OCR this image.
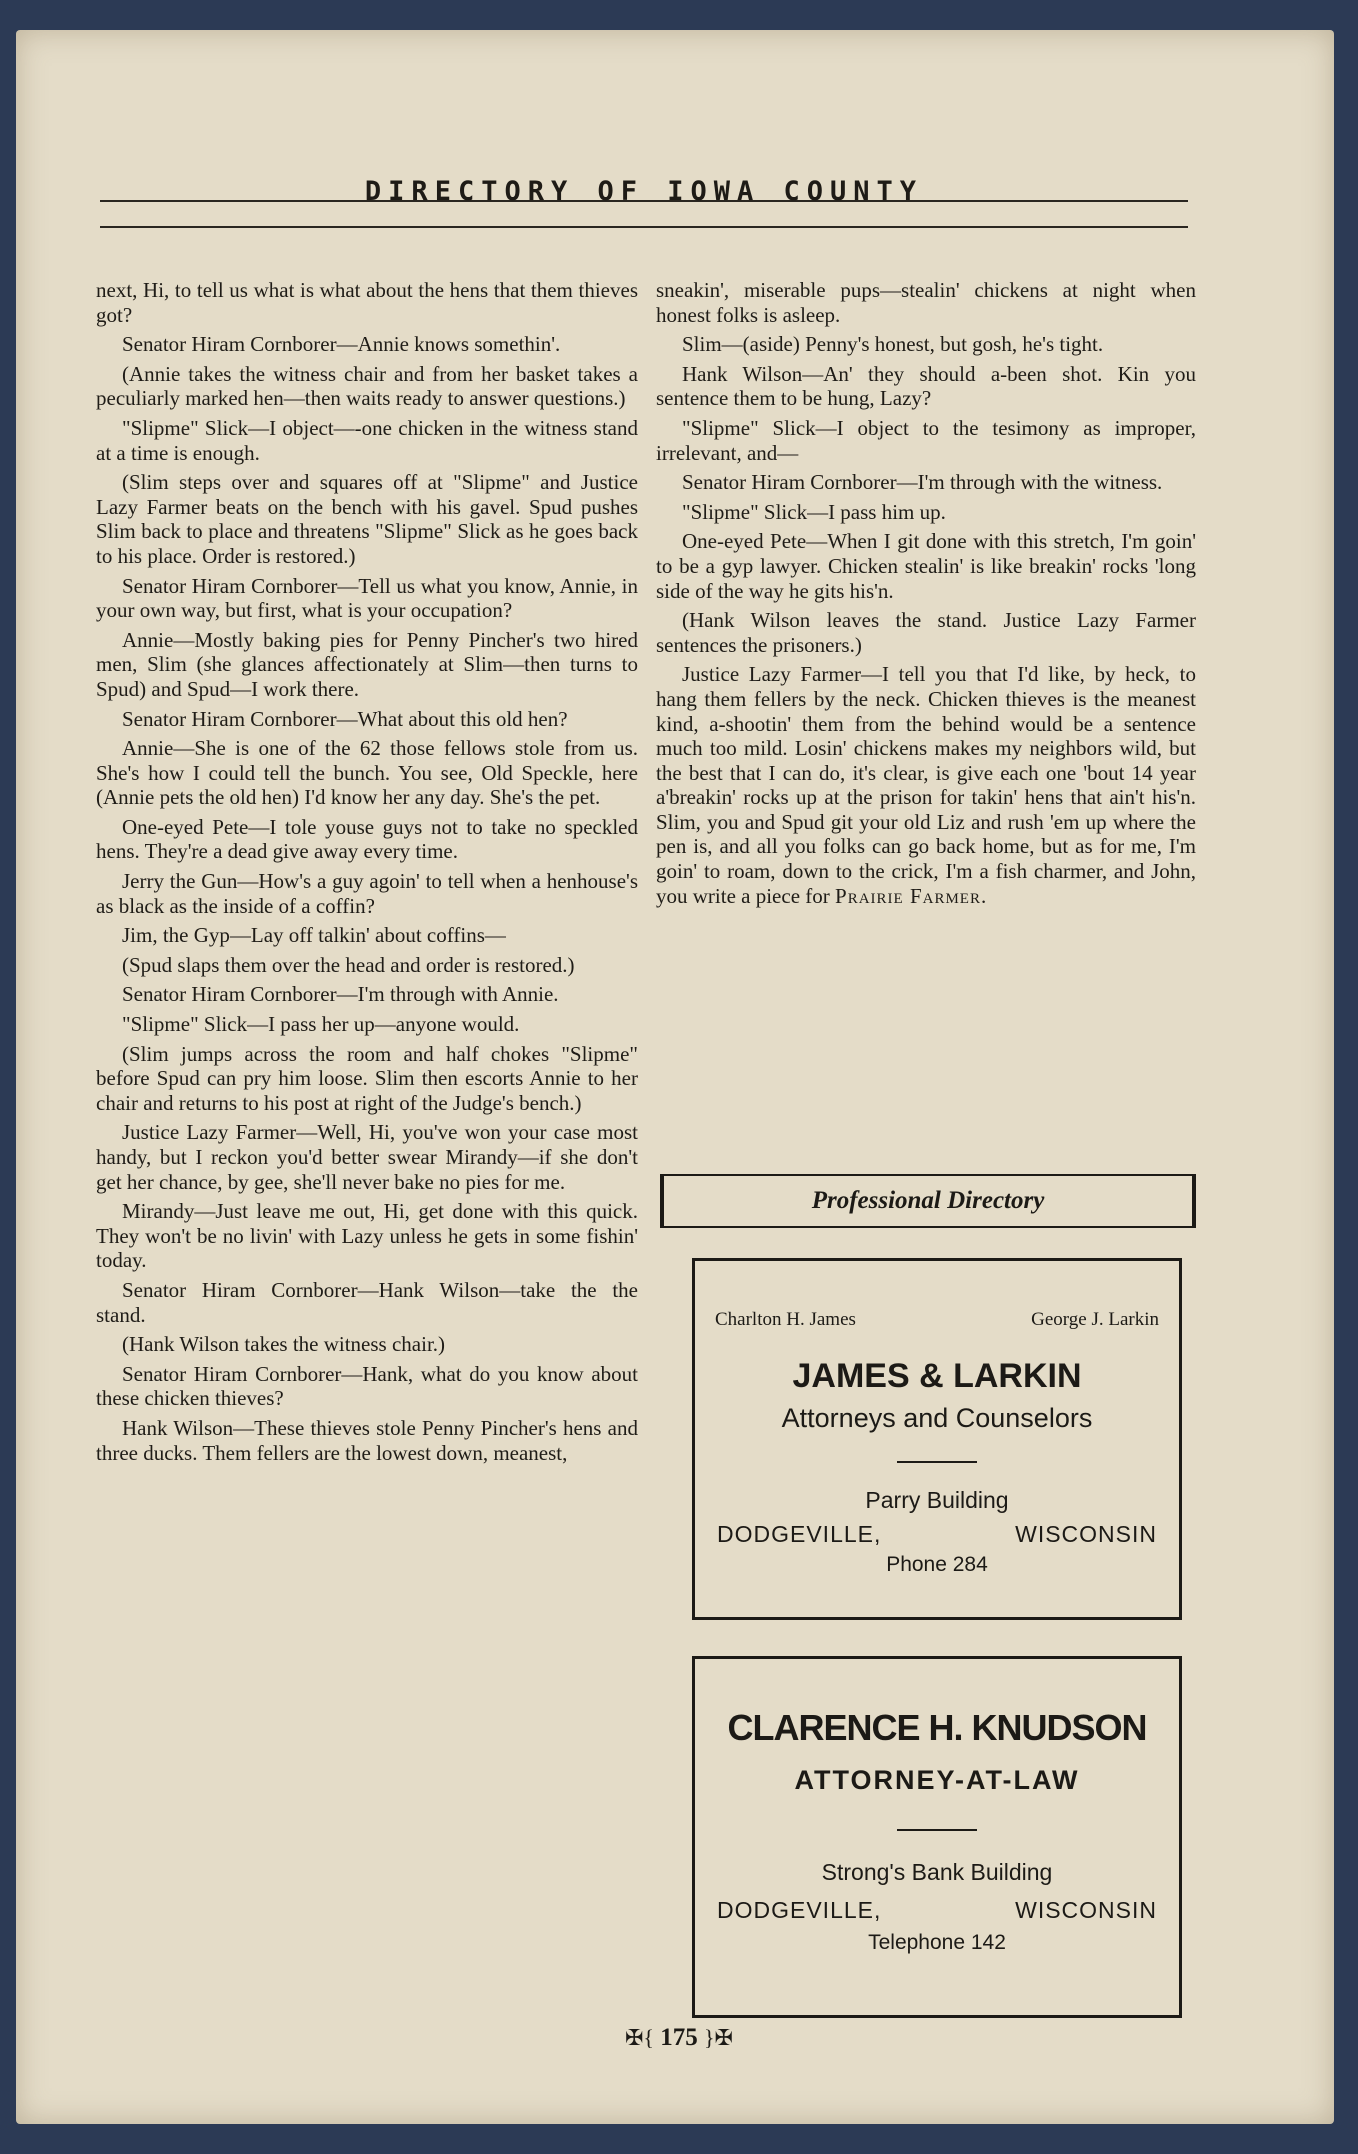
DIRECTORY OF IOWA COUNTY

next, Hi, to tell us what is what about the hens that them thieves got?

Senator Hiram Cornborer—Annie knows somethin'.

(Annie takes the witness chair and from her basket takes a peculiarly marked hen—then waits ready to answer questions.)

"Slipme" Slick—I object—-one chicken in the witness stand at a time is enough.

(Slim steps over and squares off at "Slipme" and Justice Lazy Farmer beats on the bench with his gavel. Spud pushes Slim back to place and threatens "Slipme" Slick as he goes back to his place. Order is restored.)

Senator Hiram Cornborer—Tell us what you know, Annie, in your own way, but first, what is your occupation?

Annie—Mostly baking pies for Penny Pincher's two hired men, Slim (she glances affectionately at Slim—then turns to Spud) and Spud—I work there.

Senator Hiram Cornborer—What about this old hen?

Annie—She is one of the 62 those fellows stole from us. She's how I could tell the bunch. You see, Old Speckle, here (Annie pets the old hen) I'd know her any day. She's the pet.

One-eyed Pete—I tole youse guys not to take no speckled hens. They're a dead give away every time.

Jerry the Gun—How's a guy agoin' to tell when a henhouse's as black as the inside of a coffin?

Jim, the Gyp—Lay off talkin' about coffins—

(Spud slaps them over the head and order is restored.)

Senator Hiram Cornborer—I'm through with Annie.

"Slipme" Slick—I pass her up—anyone would.

(Slim jumps across the room and half chokes "Slipme" before Spud can pry him loose. Slim then escorts Annie to her chair and returns to his post at right of the Judge's bench.)

Justice Lazy Farmer—Well, Hi, you've won your case most handy, but I reckon you'd better swear Mirandy—if she don't get her chance, by gee, she'll never bake no pies for me.

Mirandy—Just leave me out, Hi, get done with this quick. They won't be no livin' with Lazy unless he gets in some fishin' today.

Senator Hiram Cornborer—Hank Wilson—take the the stand.

(Hank Wilson takes the witness chair.)

Senator Hiram Cornborer—Hank, what do you know about these chicken thieves?

Hank Wilson—These thieves stole Penny Pincher's hens and three ducks. Them fellers are the lowest down, meanest,

sneakin', miserable pups—stealin' chickens at night when honest folks is asleep.

Slim—(aside) Penny's honest, but gosh, he's tight.

Hank Wilson—An' they should a-been shot. Kin you sentence them to be hung, Lazy?

"Slipme" Slick—I object to the tesimony as improper, irrelevant, and—

Senator Hiram Cornborer—I'm through with the witness.

"Slipme" Slick—I pass him up.

One-eyed Pete—When I git done with this stretch, I'm goin' to be a gyp lawyer. Chicken stealin' is like breakin' rocks 'long side of the way he gits his'n.

(Hank Wilson leaves the stand. Justice Lazy Farmer sentences the prisoners.)

Justice Lazy Farmer—I tell you that I'd like, by heck, to hang them fellers by the neck. Chicken thieves is the meanest kind, a-shootin' them from the behind would be a sentence much too mild. Losin' chickens makes my neighbors wild, but the best that I can do, it's clear, is give each one 'bout 14 year a'breakin' rocks up at the prison for takin' hens that ain't his'n. Slim, you and Spud git your old Liz and rush 'em up where the pen is, and all you folks can go back home, but as for me, I'm goin' to roam, down to the crick, I'm a fish charmer, and John, you write a piece for Prairie Farmer.

Professional Directory
Charlton H. James	George J. Larkin
JAMES & LARKIN
Attorneys and Counselors
Parry Building
DODGEVILLE,	WISCONSIN
Phone 284
CLARENCE H. KNUDSON
ATTORNEY-AT-LAW
Strong's Bank Building
DODGEVILLE,	WISCONSIN
Telephone 142
✠{ 175 }✠
